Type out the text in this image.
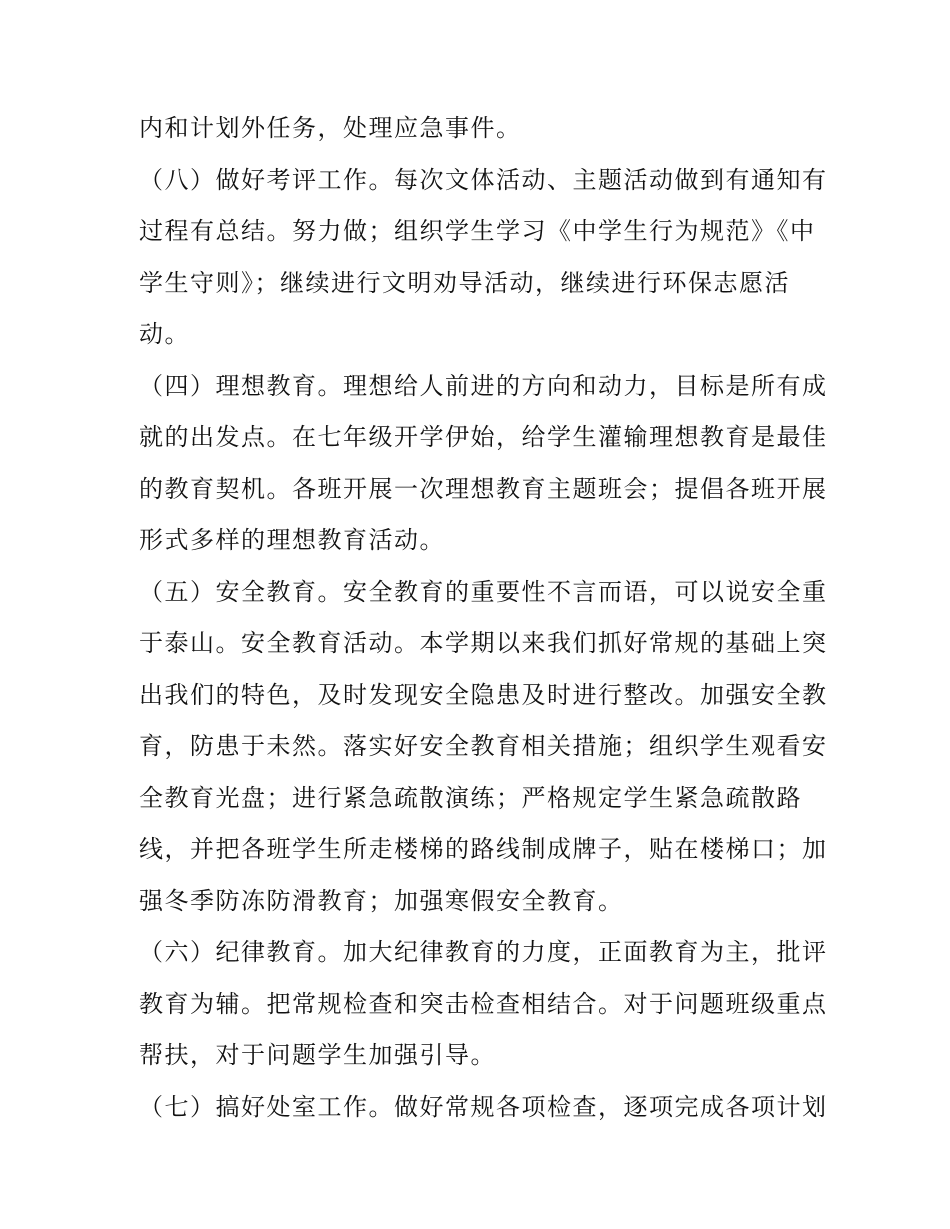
内和计划外任务，处理应急事件。
（八）做好考评工作。每次文体活动、主题活动做到有通知有
过程有总结。努力做；组织学生学习《中学生行为规范》《中
学生守则》；继续进行文明劝导活动，继续进行环保志愿活
动。
（四）理想教育。理想给人前进的方向和动力，目标是所有成
就的出发点。在七年级开学伊始，给学生灌输理想教育是最佳
的教育契机。各班开展一次理想教育主题班会；提倡各班开展
形式多样的理想教育活动。
（五）安全教育。安全教育的重要性不言而语，可以说安全重
于泰山。安全教育活动。本学期以来我们抓好常规的基础上突
出我们的特色，及时发现安全隐患及时进行整改。加强安全教
育，防患于未然。落实好安全教育相关措施；组织学生观看安
全教育光盘；进行紧急疏散演练；严格规定学生紧急疏散路
线，并把各班学生所走楼梯的路线制成牌子，贴在楼梯口；加
强冬季防冻防滑教育；加强寒假安全教育。
（六）纪律教育。加大纪律教育的力度，正面教育为主，批评
教育为辅。把常规检查和突击检查相结合。对于问题班级重点
帮扶，对于问题学生加强引导。
（七）搞好处室工作。做好常规各项检查，逐项完成各项计划
